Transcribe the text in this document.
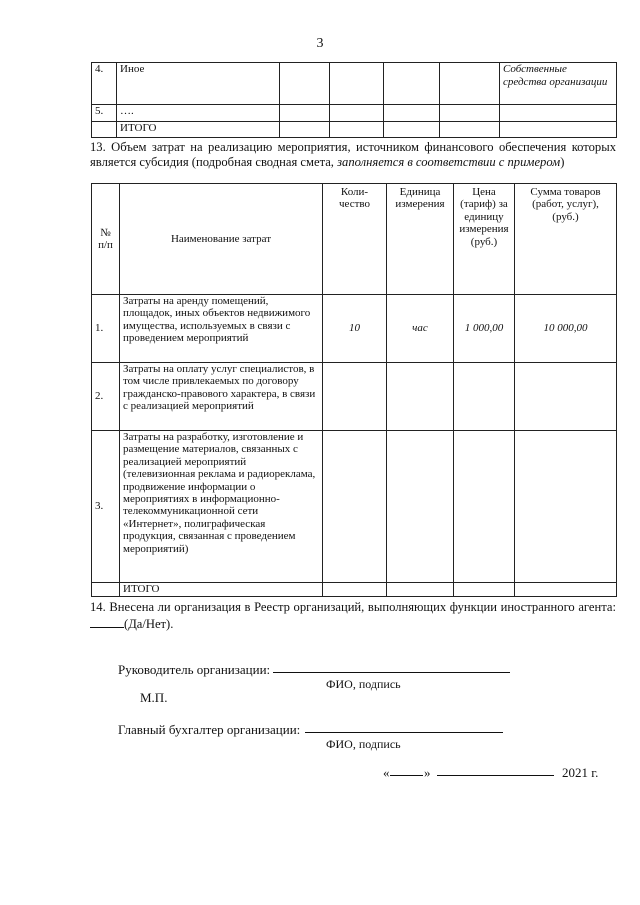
3
4.	Иное					Собственные средства организации
5.	….					
	ИТОГО					
13. Объем затрат на реализацию мероприятия, источником финансового обеспечения которых является субсидия (подробная сводная смета, заполняется в соответствии с примером)
№ п/п	Наименование затрат	Коли-чество	Единица измерения	Цена (тариф) за единицу измерения (руб.)	Сумма товаров (работ, услуг), (руб.)
1.	Затраты на аренду помещений, площадок, иных объектов недвижимого имущества, используемых в связи с проведением мероприятий	10	час	1 000,00	10 000,00
2.	Затраты на оплату услуг специалистов, в том числе привлекаемых по договору гражданско-правового характера, в связи с реализацией мероприятий				
3.	Затраты на разработку, изготовление и размещение материалов, связанных с реализацией мероприятий (телевизионная реклама и радиореклама, продвижение информации о мероприятиях в информационно-телекоммуникационной сети «Интернет», полиграфическая продукция, связанная с проведением мероприятий)				
	ИТОГО				
14. Внесена ли организация в Реестр организаций, выполняющих функции иностранного агента: (Да/Нет).
Руководитель организации:
ФИО, подпись
М.П.
Главный бухгалтер организации:
ФИО, подпись
«	»	2021 г.
